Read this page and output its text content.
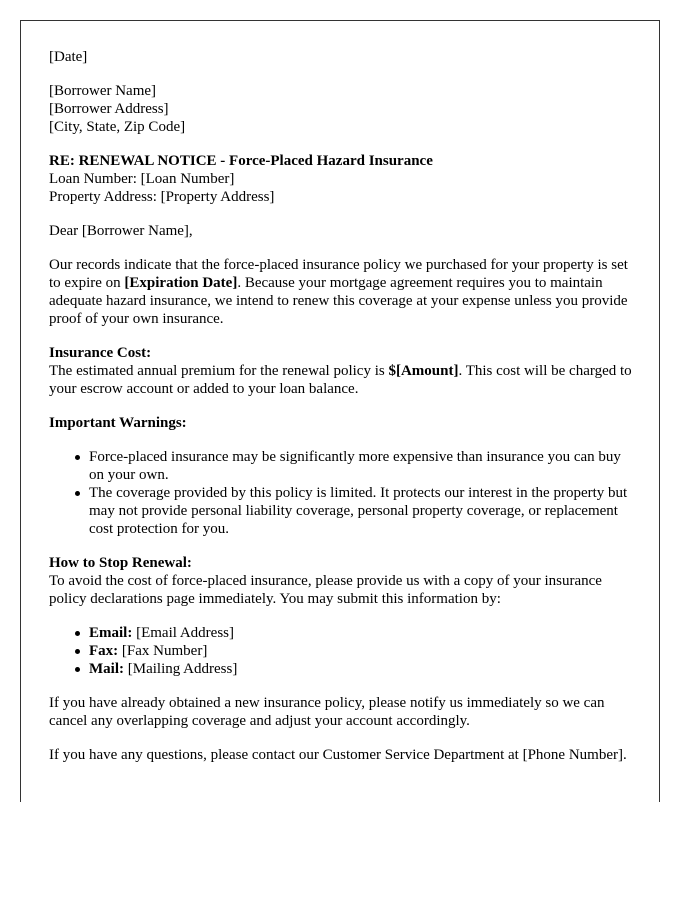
[Date]

[Borrower Name]
[Borrower Address]
[City, State, Zip Code]

RE: RENEWAL NOTICE - Force-Placed Hazard Insurance
Loan Number: [Loan Number]
Property Address: [Property Address]

Dear [Borrower Name],

Our records indicate that the force-placed insurance policy we purchased for your property is set to expire on [Expiration Date]. Because your mortgage agreement requires you to maintain adequate hazard insurance, we intend to renew this coverage at your expense unless you provide proof of your own insurance.

Insurance Cost:
The estimated annual premium for the renewal policy is $[Amount]. This cost will be charged to your escrow account or added to your loan balance.

Important Warnings:

Force-placed insurance may be significantly more expensive than insurance you can buy on your own.
The coverage provided by this policy is limited. It protects our interest in the property but may not provide personal liability coverage, personal property coverage, or replacement cost protection for you.

How to Stop Renewal:
To avoid the cost of force-placed insurance, please provide us with a copy of your insurance policy declarations page immediately. You may submit this information by:

Email: [Email Address]
Fax: [Fax Number]
Mail: [Mailing Address]

If you have already obtained a new insurance policy, please notify us immediately so we can cancel any overlapping coverage and adjust your account accordingly.

If you have any questions, please contact our Customer Service Department at [Phone Number].
